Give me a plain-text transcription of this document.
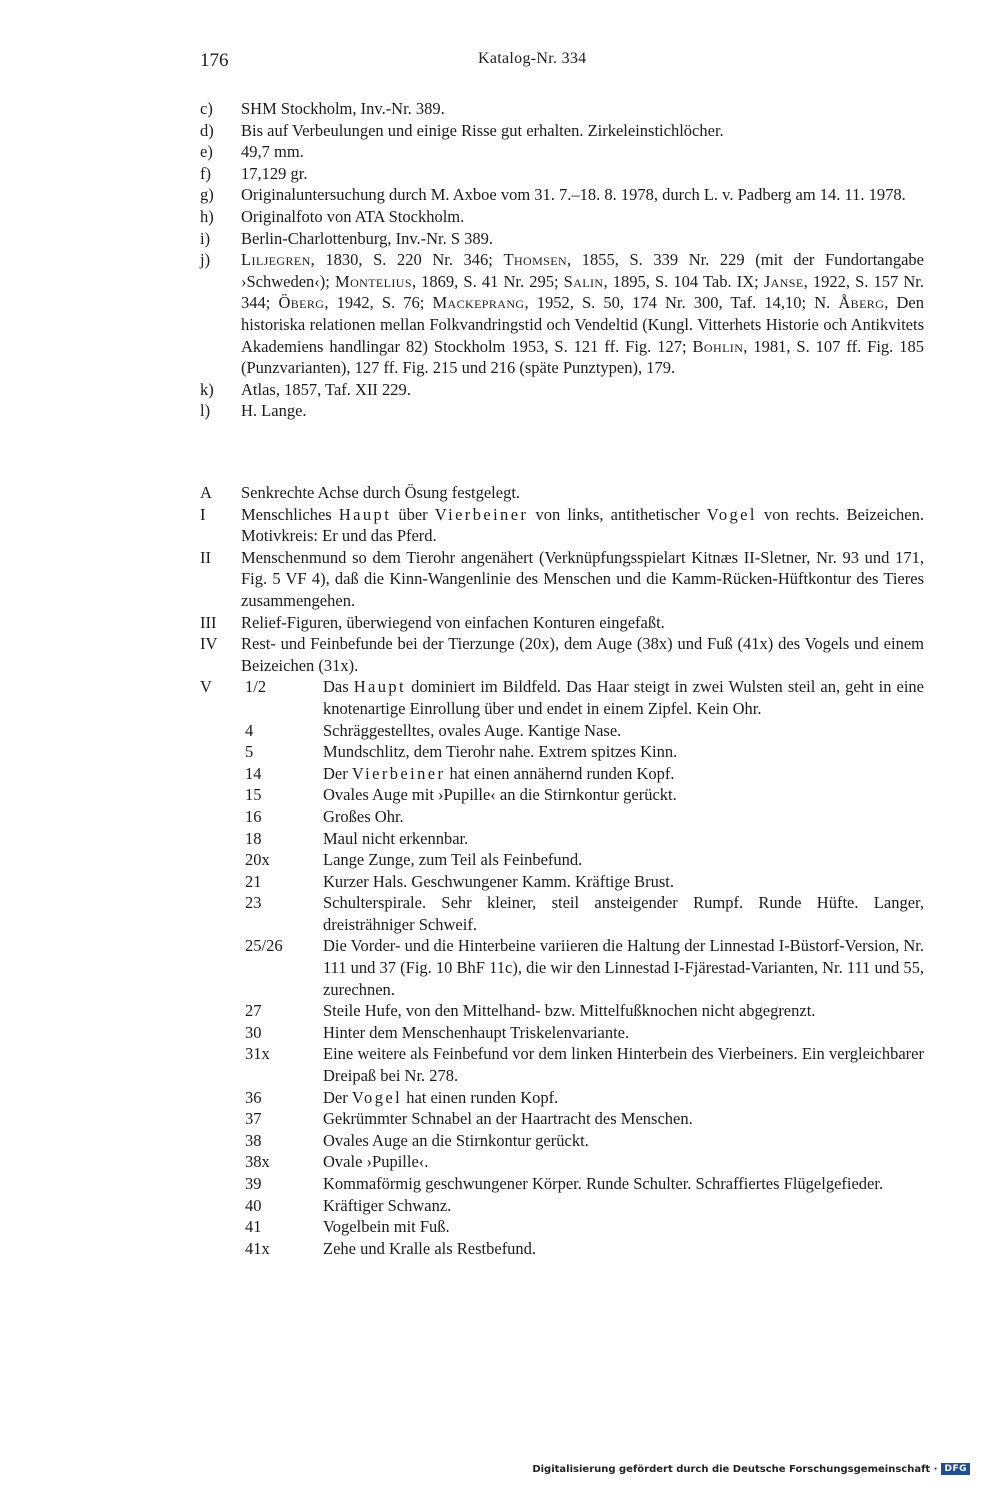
176	Katalog-Nr. 334
c) SHM Stockholm, Inv.-Nr. 389.
d) Bis auf Verbeulungen und einige Risse gut erhalten. Zirkeleinstichlöcher.
e) 49,7 mm.
f) 17,129 gr.
g) Originaluntersuchung durch M. Axboe vom 31. 7.–18. 8. 1978, durch L. v. Padberg am 14. 11. 1978.
h) Originalfoto von ATA Stockholm.
i) Berlin-Charlottenburg, Inv.-Nr. S 389.
j) Liljegren, 1830, S. 220 Nr. 346; Thomsen, 1855, S. 339 Nr. 229 (mit der Fundortangabe ›Schweden‹); Montelius, 1869, S. 41 Nr. 295; Salin, 1895, S. 104 Tab. IX; Janse, 1922, S. 157 Nr. 344; Öberg, 1942, S. 76; Mackeprang, 1952, S. 50, 174 Nr. 300, Taf. 14,10; N. Åberg, Den historiska relationen mellan Folkvandringstid och Vendeltid (Kungl. Vitterhets Historie och Antikvitets Akademiens handlingar 82) Stockholm 1953, S. 121 ff. Fig. 127; Bohlin, 1981, S. 107 ff. Fig. 185 (Punzvarianten), 127 ff. Fig. 215 und 216 (späte Punztypen), 179.
k) Atlas, 1857, Taf. XII 229.
l) H. Lange.
A Senkrechte Achse durch Ösung festgelegt.
I Menschliches Haupt über Vierbeiner von links, antithetischer Vogel von rechts. Beizeichen. Motivkreis: Er und das Pferd.
II Menschenmund so dem Tierohr angenähert (Verknüpfungsspielart Kitnæs II-Sletner, Nr. 93 und 171, Fig. 5 VF 4), daß die Kinn-Wangenlinie des Menschen und die Kamm-Rücken-Hüftkontur des Tieres zusammengehen.
III Relief-Figuren, überwiegend von einfachen Konturen eingefaßt.
IV Rest- und Feinbefunde bei der Tierzunge (20x), dem Auge (38x) und Fuß (41x) des Vogels und einem Beizeichen (31x).
V 1/2	Das Haupt dominiert im Bildfeld. Das Haar steigt in zwei Wulsten steil an, geht in eine knotenartige Einrollung über und endet in einem Zipfel. Kein Ohr.
4	Schräggestelltes, ovales Auge. Kantige Nase.
5	Mundschlitz, dem Tierohr nahe. Extrem spitzes Kinn.
14	Der Vierbeiner hat einen annähernd runden Kopf.
15	Ovales Auge mit ›Pupille‹ an die Stirnkontur gerückt.
16	Großes Ohr.
18	Maul nicht erkennbar.
20x	Lange Zunge, zum Teil als Feinbefund.
21	Kurzer Hals. Geschwungener Kamm. Kräftige Brust.
23	Schulterspirale. Sehr kleiner, steil ansteigender Rumpf. Runde Hüfte. Langer, dreisträhniger Schweif.
25/26 Die Vorder- und die Hinterbeine variieren die Haltung der Linnestad I-Büstorf-Version, Nr. 111 und 37 (Fig. 10 BhF 11c), die wir den Linnestad I-Fjärestad-Varianten, Nr. 111 und 55, zurechnen.
27	Steile Hufe, von den Mittelhand- bzw. Mittelfußknochen nicht abgegrenzt.
30	Hinter dem Menschenhaupt Triskelenvariante.
31x	Eine weitere als Feinbefund vor dem linken Hinterbein des Vierbeiners. Ein vergleichbarer Dreipaß bei Nr. 278.
36	Der Vogel hat einen runden Kopf.
37	Gekrümmter Schnabel an der Haartracht des Menschen.
38	Ovales Auge an die Stirnkontur gerückt.
38x	Ovale ›Pupille‹.
39	Kommaförmig geschwungener Körper. Runde Schulter. Schraffiertes Flügelgefieder.
40	Kräftiger Schwanz.
41	Vogelbein mit Fuß.
41x	Zehe und Kralle als Restbefund.
Digitalisierung gefördert durch die Deutsche Forschungsgemeinschaft · DFG
